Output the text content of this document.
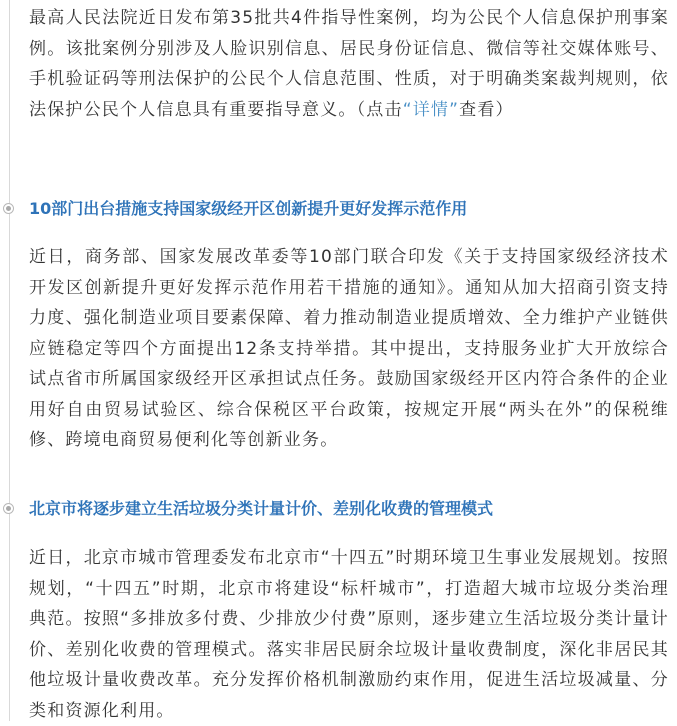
最高人民法院近日发布第35批共4件指导性案例，均为公民个人信息保护刑事案例。该批案例分别涉及人脸识别信息、居民身份证信息、微信等社交媒体账号、手机验证码等刑法保护的公民个人信息范围、性质，对于明确类案裁判规则，依法保护公民个人信息具有重要指导意义。（点击“详情”查看）

10部门出台措施支持国家级经开区创新提升更好发挥示范作用

近日，商务部、国家发展改革委等10部门联合印发《关于支持国家级经济技术开发区创新提升更好发挥示范作用若干措施的通知》。通知从加大招商引资支持力度、强化制造业项目要素保障、着力推动制造业提质增效、全力维护产业链供应链稳定等四个方面提出12条支持举措。其中提出，支持服务业扩大开放综合试点省市所属国家级经开区承担试点任务。鼓励国家级经开区内符合条件的企业用好自由贸易试验区、综合保税区平台政策，按规定开展“两头在外”的保税维修、跨境电商贸易便利化等创新业务。

北京市将逐步建立生活垃圾分类计量计价、差别化收费的管理模式

近日，北京市城市管理委发布北京市“十四五”时期环境卫生事业发展规划。按照规划，“十四五”时期，北京市将建设“标杆城市”，打造超大城市垃圾分类治理典范。按照“多排放多付费、少排放少付费”原则，逐步建立生活垃圾分类计量计价、差别化收费的管理模式。落实非居民厨余垃圾计量收费制度，深化非居民其他垃圾计量收费改革。充分发挥价格机制激励约束作用，促进生活垃圾减量、分类和资源化利用。
